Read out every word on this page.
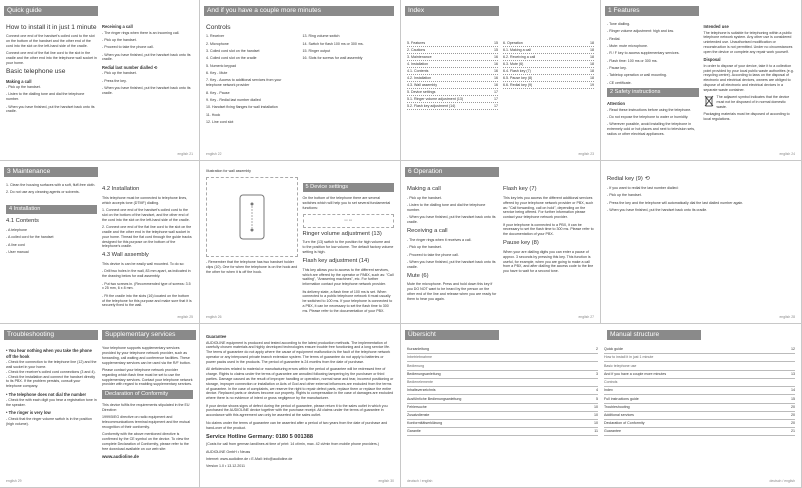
Quick guide
How to install it in just 1 minute

Connect one end of the handset's coiled cord to the slot on the bottom of the handset and the other end of the cord into the slot on the left-hand side of the cradle.

Connect one end of the flat line cord to the slot in the cradle and the other end into the telephone wall socket in your home.

Basic telephone use
Making a call

- Pick up the handset.

- Listen to the dialling tone and dial the telephone number.

- When you have finished, put the handset back onto its cradle.

Receiving a call

- The ringer rings when there is an incoming call.

- Pick up the handset.

- Proceed to take the phone call.

- When you have finished, put the handset back onto its cradle.

Redial last number dialled ⟲

- Pick up the handset.

- Press the key.

- When you have finished, put the handset back onto its cradle.

english 21
And if you have a couple more minutes
Controls

1. Receiver

2. Microphone

3. Coiled cord slot on the handset

4. Coiled cord slot on the cradle

5. Numeric keypad

6. Key - Mute

7. Key - Access to additional services from your telephone network provider

8. Key - Pause

9. Key - Redial last number dialled

10. Handset fixing flanges for wall installation

11. Hook

12. Line cord slot

13. Ring volume switch

14. Switch for flash 100 ms or 300 ms.

15. Ringer output

16. Slots for screws for wall assembly

english 22
Index
5. Features	15
2. Cautions	15
3. Maintenance	16
4. Installation	16
4.1. Contents	16
4.2. Installation	16
4.3. Wall assembly	16
5. Device settings	17
5.1. Ringer volume adjustment (13)	17
5.2. Flash key adjustment (14)	17
6. Operation	18
6.1. Making a call	18
6.2. Receiving a call	18
6.3. Mute (6)	18
6.4. Flash key (7)	18
6.5. Pause key (8)	18
6.6. Redial key (9)	19
english 23
1 Features

- Tone dialling.

- Ringer volume adjustment: high and low.

- Redial.

- Mute: mute microphone.

- R / F key to access supplementary services.

- Flash time: 100 ms or 300 ms.

- Pause key.

- Tabletop operation or wall mounting.

- CE certificate.

2 Safety instructions
Attention

- Read these instructions before using the telephone.

- Do not expose the telephone to water or humidity.

- Wherever possible, avoid installing the telephone in extremely cold or hot places and next to television sets, radios or other electrical appliances.

Intended use

The telephone is suitable for telephoning within a public telephone network system. Any other use is considered unintended use. Unauthorised modification or reconstruction is not permitted. Under no circumstances open the device or complete any repair work yourself.

Disposal

In order to dispose of your device, take it to a collection point provided by your local public waste authorities (e.g. recycling centre). According to laws on the disposal of electronic and electrical devices, owners are obliged to dispose of all electronic and electrical devices in a separate waste container.

The adjacent symbol indicates that the device must not be disposed of in normal domestic waste.

Packaging materials must be disposed of according to local regulations.

english 24
3 Maintenance

1. Clean the housing surfaces with a soft, fluff-free cloth.

2. Do not use any cleaning agents or solvents.

4 Installation
4.1 Contents

- A telephone

- A coiled cord for the handset

- A line cord

- User manual

4.2 Installation

This telephone must be connected to telephone lines, which accepts tone (DTMF) dialling.

1. Connect one end of the handset's coiled cord to the slot on the bottom of the handset, and the other end of the cord into the slot on the left-hand side of the cradle.

2. Connect one end of the flat line cord to the slot on the cradle and the other end in the telephone wall socket in your home. Thread the flat cord through the guide tracks designed for this purpose on the bottom of the telephone's cradle.

4.3 Wall assembly

This device is can be easily wall mounted. To do so:

- Drill two holes in the wall, 83 mm apart, as indicated in the drawing below for wall assembly.

- Put two screws in. (Recommended type of screws: 3.5 x 25 mm, 6 x 8 mm.

- Fit the cradle into the slots (16) located on the bottom of the telephone for this purpose and make sure that it is securely fixed to the wall.

english 25

Illustration for wall assembly

- Remember that the telephone has two handset holder clips (10). One for when the telephone is on the hook and the other for when it is off the hook.

5 Device settings

On the bottom of the telephone there are several switches which will help you to set several fundamental functions:

▭ ▭
Ringer volume adjustment (13)

Turn the (13) switch to the position for high volume and to the position for low volume. The default factory volume setting is high.

Flash key adjustment (14)

This key allows you to access to the different services, which are offered by the operator or PABX, such as: "Call waiting", "Answering machines", etc. For further information contact your telephone network provider.

Its delivery state, a flash time of 100 ms is set. When connected to a public telephone network it must usually be switched to 100 ms. If your telephone is connected to a PBX, it can be necessary to set the flash time to 300 ms. Please refer to the documentation of your PBX.

english 26
6 Operation
Making a call

- Pick up the handset.

- Listen to the dialling tone and dial the telephone number.

- When you have finished, put the handset back onto its cradle.

Receiving a call

- The ringer rings when it receives a call.

- Pick up the handset.

- Proceed to take the phone call.

- When you have finished, put the handset back onto its cradle.

Mute (6)

Mute the microphone. Press and hold down this key if you DO NOT want to be heard by the person on the other end of the line and release when you are ready for them to hear you again.

Flash key (7)

This key lets you access the different additional services offered by your telephone network provider or PBX, such as: "Call forwarding, call on hold", depending on the service being offered. For further information please contact your telephone network provider.

If your telephone is connected to a PBX, it can be necessary to set the flash time to 300 ms. Please refer to the documentation of your PBX.

Pause key (8)

When your are dialling digits you can enter a pause of approx. 3 seconds by pressing this key. This function is useful, for example, when you are going to make a call from a PBX, and after dialling the access code to the line you have to wait for a second tone.

english 27
Redial key (9) ⟲

- If you want to redial the last number dialled:

- Pick up the handset.

- Press the key and the telephone will automatically dial the last dialled number again.

- When you have finished, put the handset back onto its cradle.

english 28
Troubleshooting	Supplementary services
• You hear nothing when you take the phone off the hook

- Check the connection to the telephone line (12) and the wall socket in your home.
- Check the receiver's coiled cord connections (3 and 4).
- Check the installation and connect the handset directly to its PBX. If the problem persists, consult your telephone company.

• The telephone does not dial the number

- Check the with each digit you hear a registration tone in the speaker.

• The ringer is very low

- Check that the ringer volume switch is in the position (high volume).

Your telephone supports supplementary services provided by your telephone network provider, such as forwarding, call waiting and conference facilities. These supplementary services can be used via the R/F button.

Please contact your telephone network provider regarding which flash time must be set to use the supplementary services. Contact your telephone network provider with regard to enabling supplementary services.

Declaration of Conformity

This device fulfils the requirements stipulated in the EU Directive:

1999/5/EG directive on radio equipment and telecommunications terminal equipment and the mutual recognition of their conformity.

Conformity with the above mentioned directive is confirmed by the CE symbol on the device. To view the complete Declaration of Conformity, please refer to the free download available on our web site:

www.audioline.de

english 29
Guarantee

AUDIOLINE equipment is produced and tested according to the latest production methods. The implementation of carefully chosen materials and highly developed technologies ensure trouble free functioning and a long service life. The terms of guarantee do not apply where the cause of equipment malfunction is the fault of the telephone network operator or any interposed private branch extension system. The terms of guarantee do not apply to batteries or power packs used in the products. The period of guarantee is 24 months from the date of purchase.

All deficiencies related to material or manufacturing errors within the period of guarantee will be redressed free of charge. Rights to claims under the terms of guarantee are annulled following tampering by the purchaser or third parties. Damage caused as the result of improper handling or operation, normal wear and tear, incorrect positioning or storage, improper connection or installation or Acts of God and other external influences are excluded from the terms of guarantee. In the case of complaints, we reserve the right to repair defect parts, replace them or replace the entire device. Replaced parts or devices become our property. Rights to compensation in the case of damages are excluded where there is no evidence of intent or gross negligence by the manufacturer.

If your device shows signs of defect during the period of guarantee, please return it to the sales outlet in which you purchased the AUDIOLINE device together with the purchase receipt. All claims under the terms of guarantee in accordance with this agreement can only be asserted at the sales outlet.

No claims under the terms of guarantee can be asserted after a period of two years from the date of purchase and hand-over of the product.

Service Hotline Germany: 0180 5 001388

(Costs for call from german landlines at time of print: 14 ct/min, max. 42 ct/min from mobile phone providers.)

AUDIOLINE GmbH • Neuss

Internet: www.audioline.de • E-Mail: info@audioline.de

Version 1.0 • 13.12.2011

english 30
Übersicht	Manual structure
Kurzanleitung	2
Inbetriebnahme
Bedienung
Bedienungsanleitung	3
Bedienelemente
Inhaltsverzeichnis	4
Ausführliche Bedienungsanleitung	5
Fehlersuche	10
Zusatzdienste	10
Konformitätserklärung	10
Garantie	11
Quick guide	12
How to install it in just 1 minute
Basic telephone use
And if you have a couple more minutes	13
Controls
Index	14
Full instructions guide	15
Troubleshooting	20
Additional services	20
Declaration of Conformity	20
Guarantee	21
deutsch / english	deutsch / english
